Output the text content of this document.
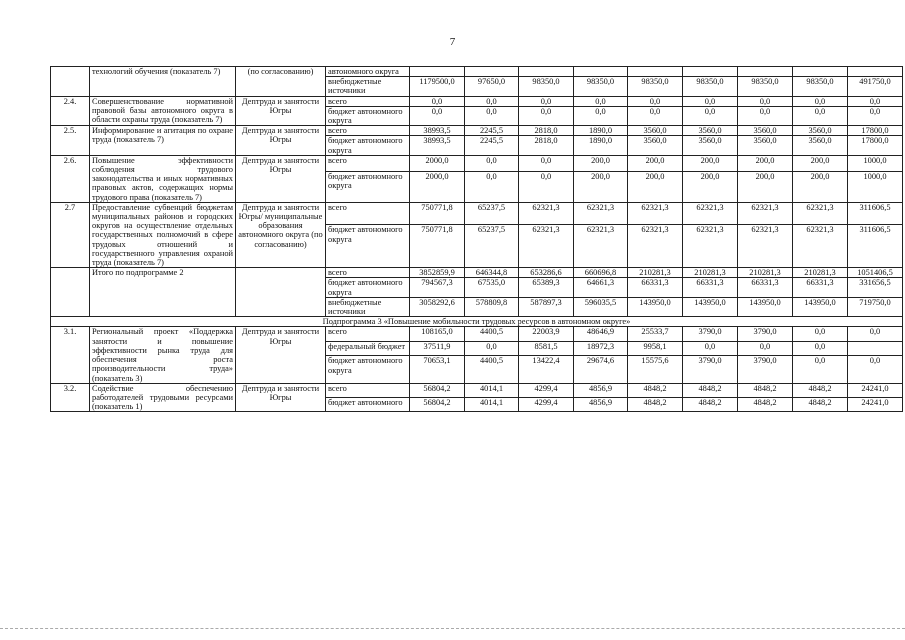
7
	технологий обучения (показатель 7)	(по согласованию)	автономного округа									
			внебюджетные источники	1179500,0	97650,0	98350,0	98350,0	98350,0	98350,0	98350,0	98350,0	491750,0
2.4.	Совершенствование нормативной правовой базы автономного округа в области охраны труда (показатель 7)	Дептруда и занятости Югры	всего	0,0	0,0	0,0	0,0	0,0	0,0	0,0	0,0	0,0
			бюджет автономного округа	0,0	0,0	0,0	0,0	0,0	0,0	0,0	0,0	0,0
2.5.	Информирование и агитация по охране труда (показатель 7)	Дептруда и занятости Югры	всего	38993,5	2245,5	2818,0	1890,0	3560,0	3560,0	3560,0	3560,0	17800,0
			бюджет автономного округа	38993,5	2245,5	2818,0	1890,0	3560,0	3560,0	3560,0	3560,0	17800,0
2.6.	Повышение эффективности соблюдения трудового законодательства и иных нормативных правовых актов, содержащих нормы трудового права (показатель 7)	Дептруда и занятости Югры	всего	2000,0	0,0	0,0	200,0	200,0	200,0	200,0	200,0	1000,0
			бюджет автономного округа	2000,0	0,0	0,0	200,0	200,0	200,0	200,0	200,0	1000,0
2.7	Предоставление субвенций бюджетам муниципальных районов и городских округов на осуществление отдельных государственных полномочий в сфере трудовых отношений и государственного управления охраной труда (показатель 7)	Дептруда и занятости Югры/ муниципальные образования автономного округа (по согласованию)	всего	750771,8	65237,5	62321,3	62321,3	62321,3	62321,3	62321,3	62321,3	311606,5
			бюджет автономного округа	750771,8	65237,5	62321,3	62321,3	62321,3	62321,3	62321,3	62321,3	311606,5
	Итого по подпрограмме 2		всего	3852859,9	646344,8	653286,6	660696,8	210281,3	210281,3	210281,3	210281,3	1051406,5
			бюджет автономного округа	794567,3	67535,0	65389,3	64661,3	66331,3	66331,3	66331,3	66331,3	331656,5
			внебюджетные источники	3058292,6	578809,8	587897,3	596035,5	143950,0	143950,0	143950,0	143950,0	719750,0
Подпрограмма 3 «Повышение мобильности трудовых ресурсов в автономном округе»												
3.1.	Региональный проект «Поддержка занятости и повышение эффективности рынка труда для обеспечения роста производительности труда» (показатель 3)	Дептруда и занятости Югры	всего	108165,0	4400,5	22003,9	48646,9	25533,7	3790,0	3790,0	0,0	0,0
			федеральный бюджет	37511,9	0,0	8581,5	18972,3	9958,1	0,0	0,0	0,0	
			бюджет автономного округа	70653,1	4400,5	13422,4	29674,6	15575,6	3790,0	3790,0	0,0	0,0
3.2.	Содействие обеспечению работодателей трудовыми ресурсами (показатель 1)	Дептруда и занятости Югры	всего	56804,2	4014,1	4299,4	4856,9	4848,2	4848,2	4848,2	4848,2	24241,0
			бюджет автономного	56804,2	4014,1	4299,4	4856,9	4848,2	4848,2	4848,2	4848,2	24241,0
